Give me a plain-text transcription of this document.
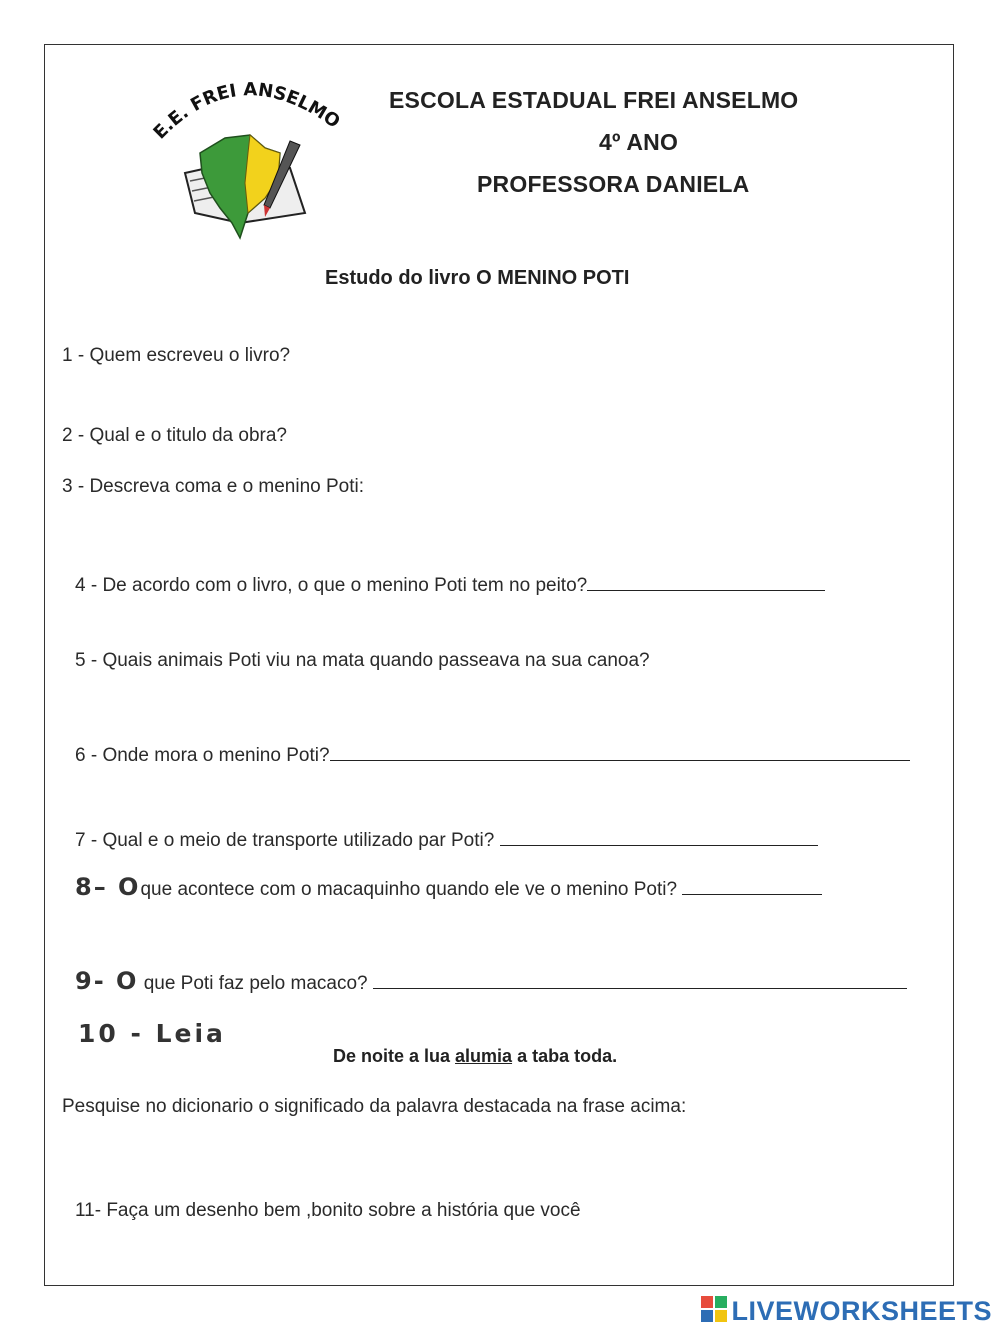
E.E. FREI ANSELMO
ESCOLA ESTADUAL FREI ANSELMO
4º ANO
PROFESSORA DANIELA
Estudo do livro O MENINO POTI
1 - Quem escreveu o livro?
2 - Qual e o titulo da obra?
3 - Descreva coma e o menino Poti:
4 - De acordo com o livro, o que o menino Poti tem no peito?
5 - Quais animais Poti viu na mata quando passeava na sua canoa?
6 - Onde mora o menino Poti?
7 - Qual e o meio de transporte utilizado par Poti?
8– Oque acontece com o macaquinho quando ele ve o menino Poti?
9- O que Poti faz pelo macaco?
10 - Leia
De noite a lua alumia a taba toda.
Pesquise no dicionario o significado da palavra destacada na frase acima:
11- Faça um desenho bem ,bonito sobre a história que você
LIVEWORKSHEETS
